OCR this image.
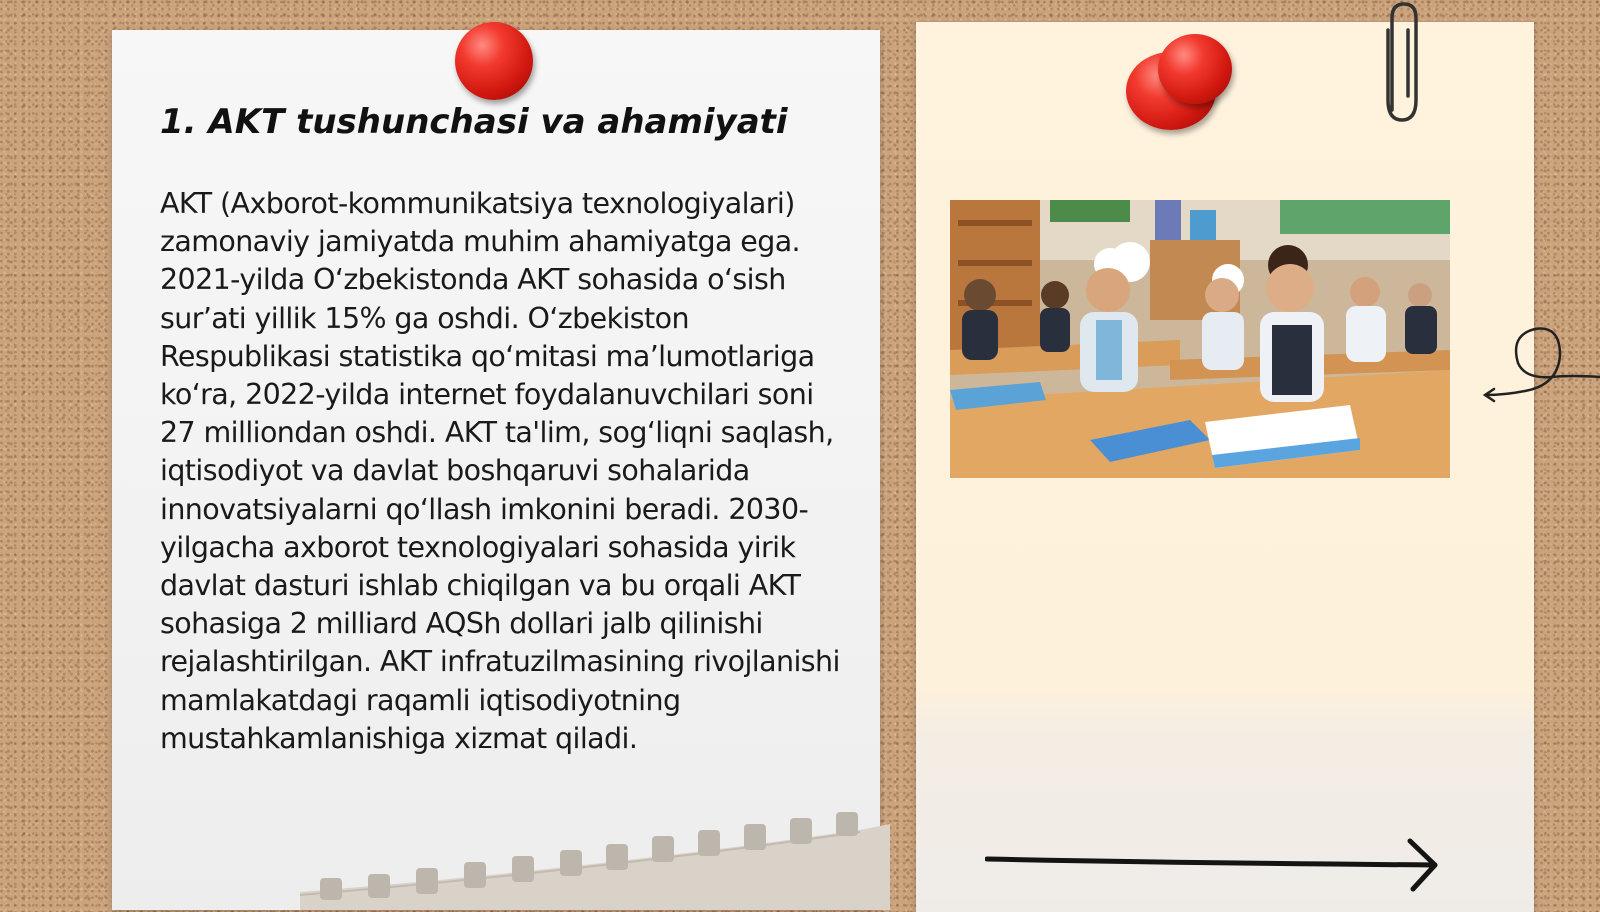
1. AKT tushunchasi va ahamiyati

AKT (Axborot-kommunikatsiya texnologiyalari) zamonaviy jamiyatda muhim ahamiyatga ega. 2021-yilda O‘zbekistonda AKT sohasida o‘sish sur’ati yillik 15% ga oshdi. O‘zbekiston Respublikasi statistika qo‘mitasi ma’lumotlariga ko‘ra, 2022-yilda internet foydalanuvchilari soni 27 milliondan oshdi. AKT ta'lim, sog‘liqni saqlash, iqtisodiyot va davlat boshqaruvi sohalarida innovatsiyalarni qo‘llash imkonini beradi. 2030-yilgacha axborot texnologiyalari sohasida yirik davlat dasturi ishlab chiqilgan va bu orqali AKT sohasiga 2 milliard AQSh dollari jalb qilinishi rejalashtirilgan. AKT infratuzilmasining rivojlanishi mamlakatdagi raqamli iqtisodiyotning mustahkamlanishiga xizmat qiladi.
